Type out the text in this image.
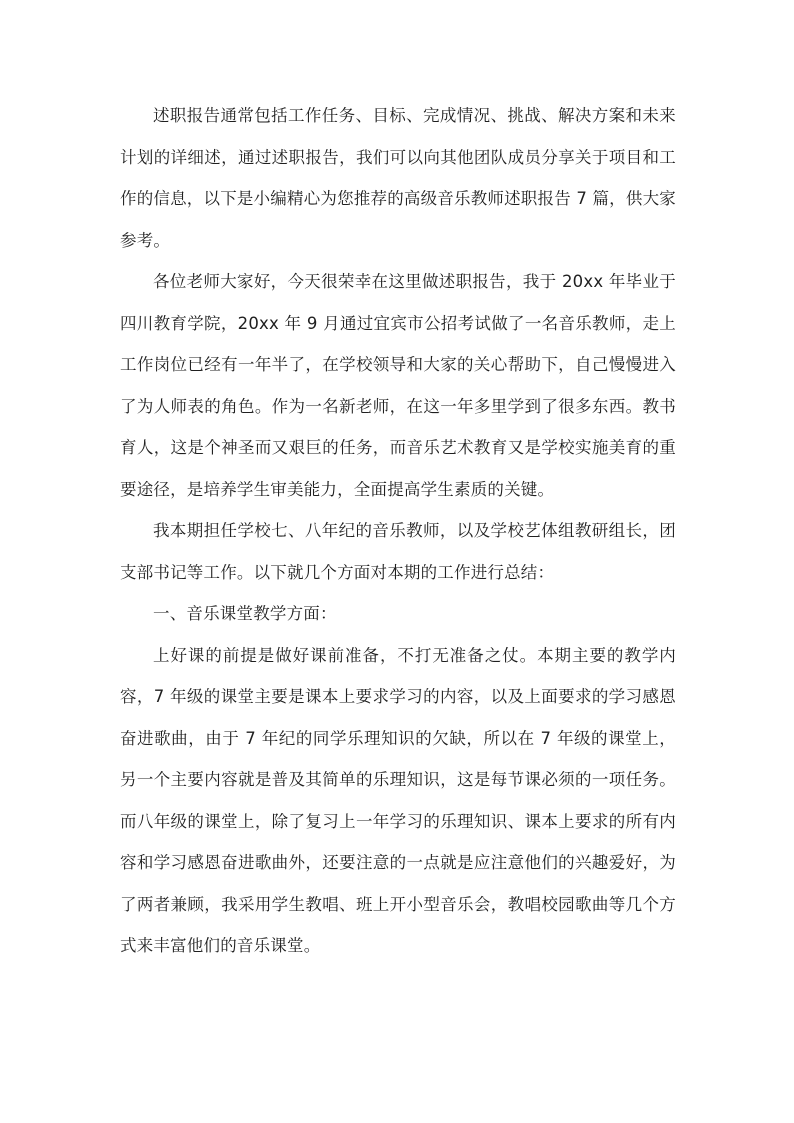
述职报告通常包括工作任务、目标、完成情况、挑战、解决方案和未来计划的详细述，通过述职报告，我们可以向其他团队成员分享关于项目和工作的信息，以下是小编精心为您推荐的高级音乐教师述职报告 7 篇，供大家参考。

各位老师大家好，今天很荣幸在这里做述职报告，我于 20xx 年毕业于四川教育学院，20xx 年 9 月通过宜宾市公招考试做了一名音乐教师，走上工作岗位已经有一年半了，在学校领导和大家的关心帮助下，自己慢慢进入了为人师表的角色。作为一名新老师，在这一年多里学到了很多东西。教书育人，这是个神圣而又艰巨的任务，而音乐艺术教育又是学校实施美育的重要途径，是培养学生审美能力，全面提高学生素质的关键。

我本期担任学校七、八年纪的音乐教师，以及学校艺体组教研组长，团支部书记等工作。以下就几个方面对本期的工作进行总结：

一、音乐课堂教学方面：

上好课的前提是做好课前准备，不打无准备之仗。本期主要的教学内容，7 年级的课堂主要是课本上要求学习的内容，以及上面要求的学习感恩奋进歌曲，由于 7 年纪的同学乐理知识的欠缺，所以在 7 年级的课堂上，另一个主要内容就是普及其简单的乐理知识，这是每节课必须的一项任务。而八年级的课堂上，除了复习上一年学习的乐理知识、课本上要求的所有内容和学习感恩奋进歌曲外，还要注意的一点就是应注意他们的兴趣爱好，为了两者兼顾，我采用学生教唱、班上开小型音乐会，教唱校园歌曲等几个方式来丰富他们的音乐课堂。
